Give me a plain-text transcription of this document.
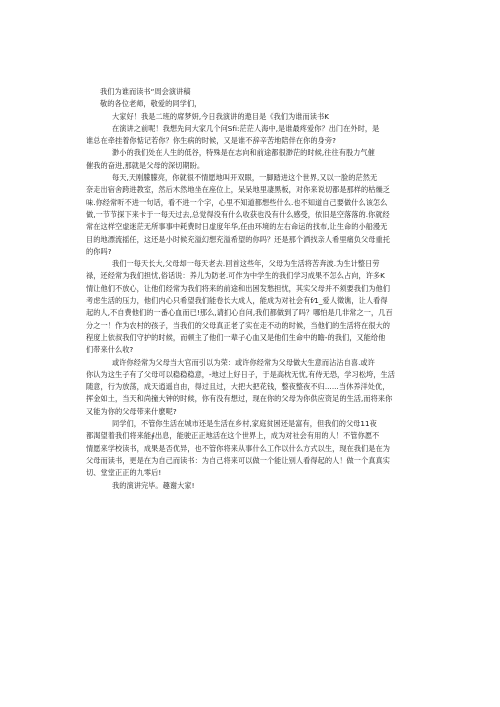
我们为谁而读书“周会演讲稿
敬的各位老师，敬爱的同学们，
大家好！我是二班的席梦妍,今日我演讲的遨目是《我们为谁而读书K
在演讲之前呢！我想先问大家几个问Sfi:茫茫人海中,是谁最疼爱你？出门在外时，是
谁总在牵挂着你惦记若你？你生病的时候，又是谁不辞辛苦地陪伴在你的身旁?
渺小的我们处在人生的低谷，特殊是在志向和前途都很渺茫的时候,往往有股力气催
催我的奋进,那就是父母的深切期盼。
每天,天刚朦朦亮，你就很不情愿地叫开双眼，一脚踏进这个世界,又以一脸的茫然无
奈走出宿舍跨进教室，然后木然地坐在座位上，呆呆地里凄黑板，对你来说切都是那样的枯燥乏
味.你经常听不进一句话，看不进一个字，心里不知道都想些什么.也不知道自己要做什么该怎么
做,一节节探下来卡于一每天过去,总觉得没有什么收获也没有什么感受，依旧是空落落的.你就经
常在这样空虚迷茫无所事事中耗费时日虚度年华,任由环境的左右命运的找布,让生命的小船漫无
目的地漂流摇任，这还是小时候充溢幻想充溢希望的你吗？还是那个洒找亲人希里痛负父母重托
的你吗?
我们一每天长大,父母却一每天老去.回首这些年，父母为生活将苦奔波.为生计整日劳
禄，还经常为我们担忧,俗话说：养儿为防老.可作为中学生的我们学习成果不怎么占向，许多K
情让他们不放心，让他们经常为我们将来的前途和出困发愁担忧，其实父母并不须要我们为他们
考虑生活的压力，他们内心只希望我们能卷长大成人，能成为对社会有f⁄1_爱人徵谯，让人看得
起的人,不自费他们的一番心血而已!那么,请扪心自问,我们都做到了吗？哪怕是几非常之一，几百
分之一！作为农村的孩子，当我们的父母真正老了实在走不动的时候，当他们的生活将在很大的
程度上依叔我们守护的时候，而顿主了他们一辈子心血又是他们生命中的瞻-的我们，又能给他
们带来什么收?
或许你经常为父母当大官而引以为荣：或许你经常为父母做大生意而沾沾自喜.或许
你认为这生子有了父母可以稳稳稳意，-地过上好日子，于是高枕无忧,有侍无恐，学习松垮，生活
随意，行为放荡，成天逍遥自由，得过且过，大把大把花钱，整夜整夜不归......当休养洋处优，
挥金如土，当天和尚撞大钟的时候，你有没有想过，现在你的父母为你供应资足的生活,而将来你
又能为你的父母带来什麽呢?
同学们，不管你生活在城市还是生活在乡村,家庭贫困还是富有，但我们的父母11夜
都渴望着我们将来能∮出息，能驶正正地活在这个世界上，成为对社会有用的人！不管你愿不
情愿来学校读书，成果是否优异，也不管你将来从事什么工作以什么方式以生，现在我们是在为
父母而读书，更是在为自己而读书：为自己将来可以做一个能让别人看得起的人！做一个真真实
切、堂堂正正的九零后!
我的演讲完毕。趣谢大家!
